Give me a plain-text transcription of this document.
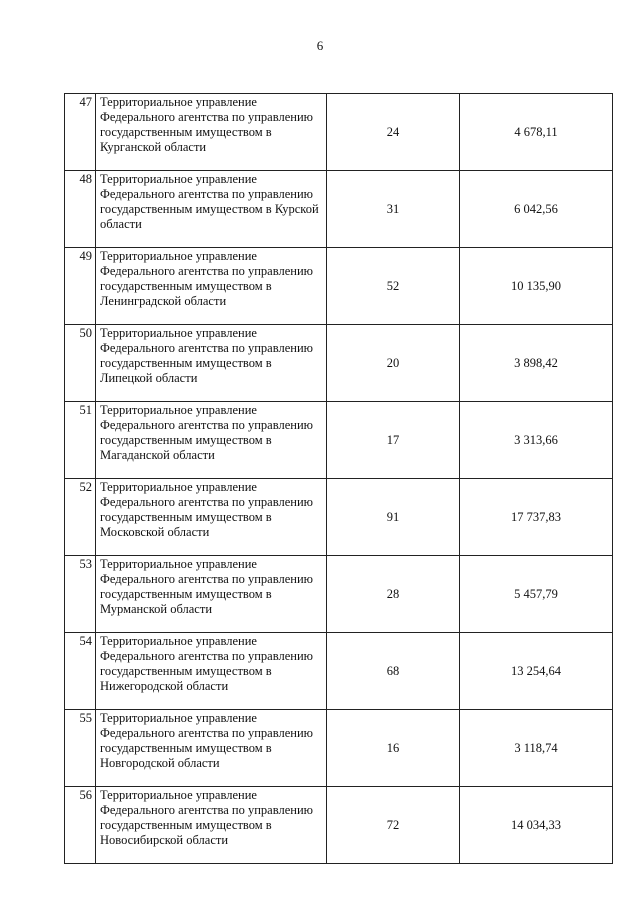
6
47	Территориальное управление Федерального агентства по управлению государственным имуществом в Курганской области	24	4 678,11
48	Территориальное управление Федерального агентства по управлению государственным имуществом в Курской области	31	6 042,56
49	Территориальное управление Федерального агентства по управлению государственным имуществом в Ленинградской области	52	10 135,90
50	Территориальное управление Федерального агентства по управлению государственным имуществом в Липецкой области	20	3 898,42
51	Территориальное управление Федерального агентства по управлению государственным имуществом в Магаданской области	17	3 313,66
52	Территориальное управление Федерального агентства по управлению государственным имуществом в Московской области	91	17 737,83
53	Территориальное управление Федерального агентства по управлению государственным имуществом в Мурманской области	28	5 457,79
54	Территориальное управление Федерального агентства по управлению государственным имуществом в Нижегородской области	68	13 254,64
55	Территориальное управление Федерального агентства по управлению государственным имуществом в Новгородской области	16	3 118,74
56	Территориальное управление Федерального агентства по управлению государственным имуществом в Новосибирской области	72	14 034,33
